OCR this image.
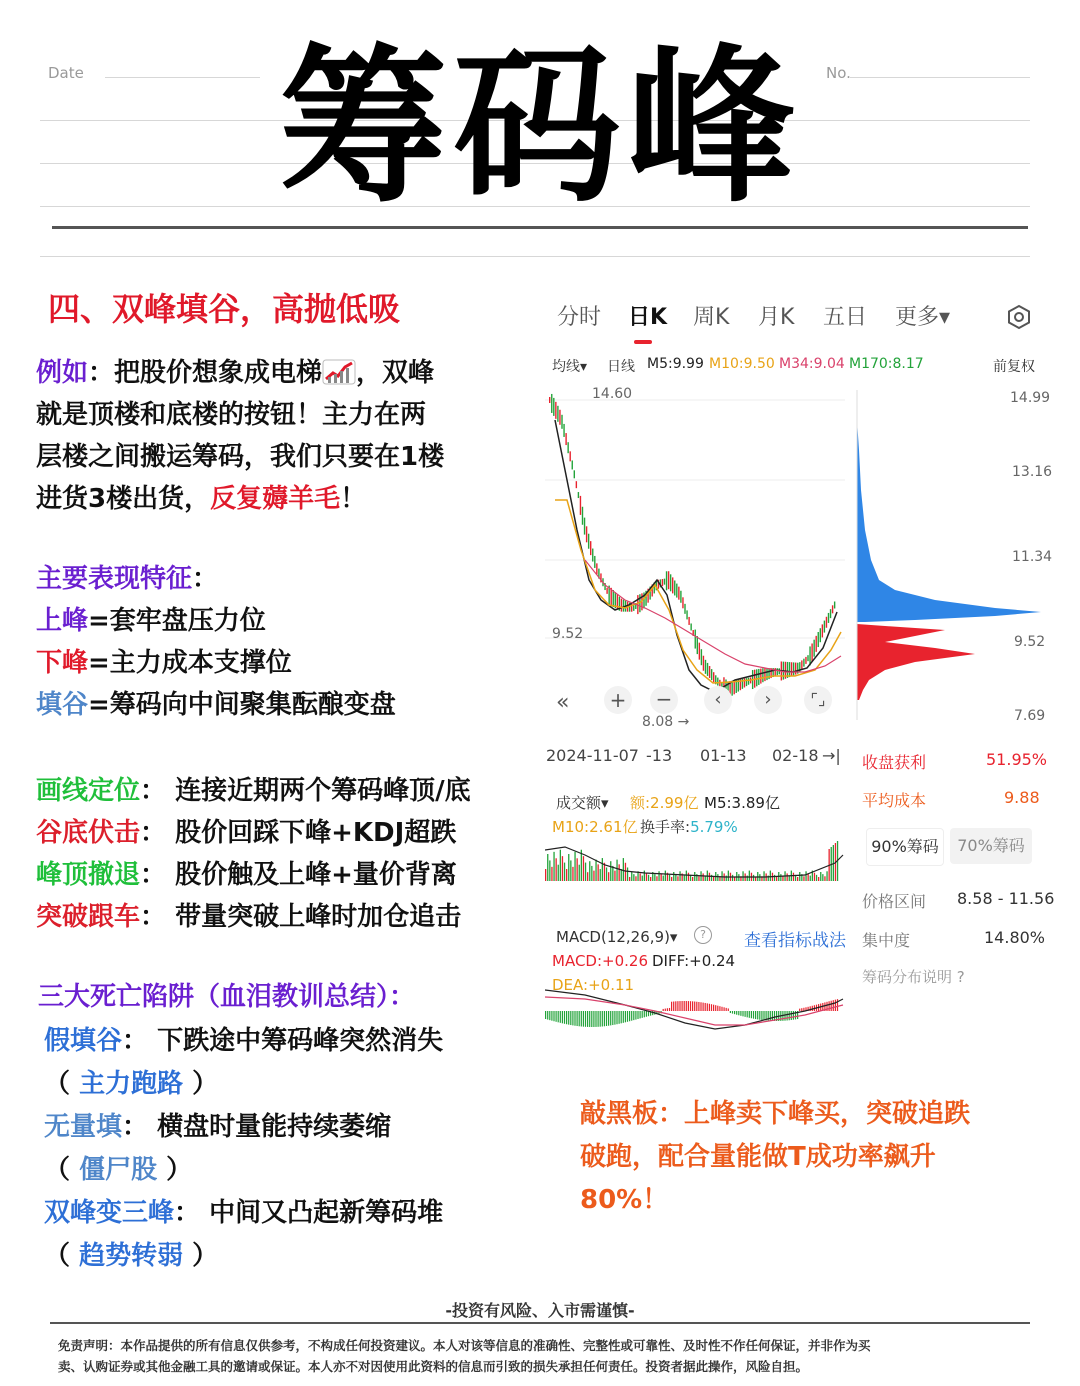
Date	No.
筹码峰
四、双峰填谷，高抛低吸
例如：把股价想象成电梯 ，双峰
就是顶楼和底楼的按钮！主力在两
层楼之间搬运筹码，我们只要在1楼
进货3楼出货，反复薅羊毛！
主要表现特征：
上峰=套牢盘压力位
下峰=主力成本支撑位
填谷=筹码向中间聚集酝酿变盘
画线定位： 连接近期两个筹码峰顶/底
谷底伏击： 股价回踩下峰+KDJ超跌
峰顶撤退： 股价触及上峰+量价背离
突破跟车： 带量突破上峰时加仓追击
三大死亡陷阱（血泪教训总结）：
假填谷： 下跌途中筹码峰突然消失
（ 主力跑路 ）
无量填： 横盘时量能持续萎缩
（ 僵尸股 ）
双峰变三峰： 中间又凸起新筹码堆
（ 趋势转弱 ）
分时 日K 周K 月K 五日 更多▾
均线▾ 日线 M5:9.99 M10:9.50 M34:9.04 M170:8.17	前复权
14.60
9.52
8.08 →
« + −	‹	›	⌜⌟
14.99
13.16
11.34
9.52
7.69
2024-11-07 -13 01-13 02-18 →| 收盘获利	51.95%
平均成本	9.88
90%筹码	70%筹码
价格区间 8.58 - 11.56
集中度	14.80%
筹码分布说明 ?
成交额▾ 额:2.99亿 M5:3.89亿
M10:2.61亿 换手率:5.79%
MACD(12,26,9)▾	?	查看指标战法
MACD:+0.26 DIFF:+0.24
DEA:+0.11
敲黑板：上峰卖下峰买，突破追跌
破跑，配合量能做T成功率飙升
80%！
-投资有风险、入市需谨慎-
免责声明：本作品提供的所有信息仅供参考，不构成任何投资建议。本人对该等信息的准确性、完整性或可靠性、及时性不作任何保证，并非作为买
卖、认购证券或其他金融工具的邀请或保证。本人亦不对因使用此资料的信息而引致的损失承担任何责任。投资者据此操作，风险自担。
